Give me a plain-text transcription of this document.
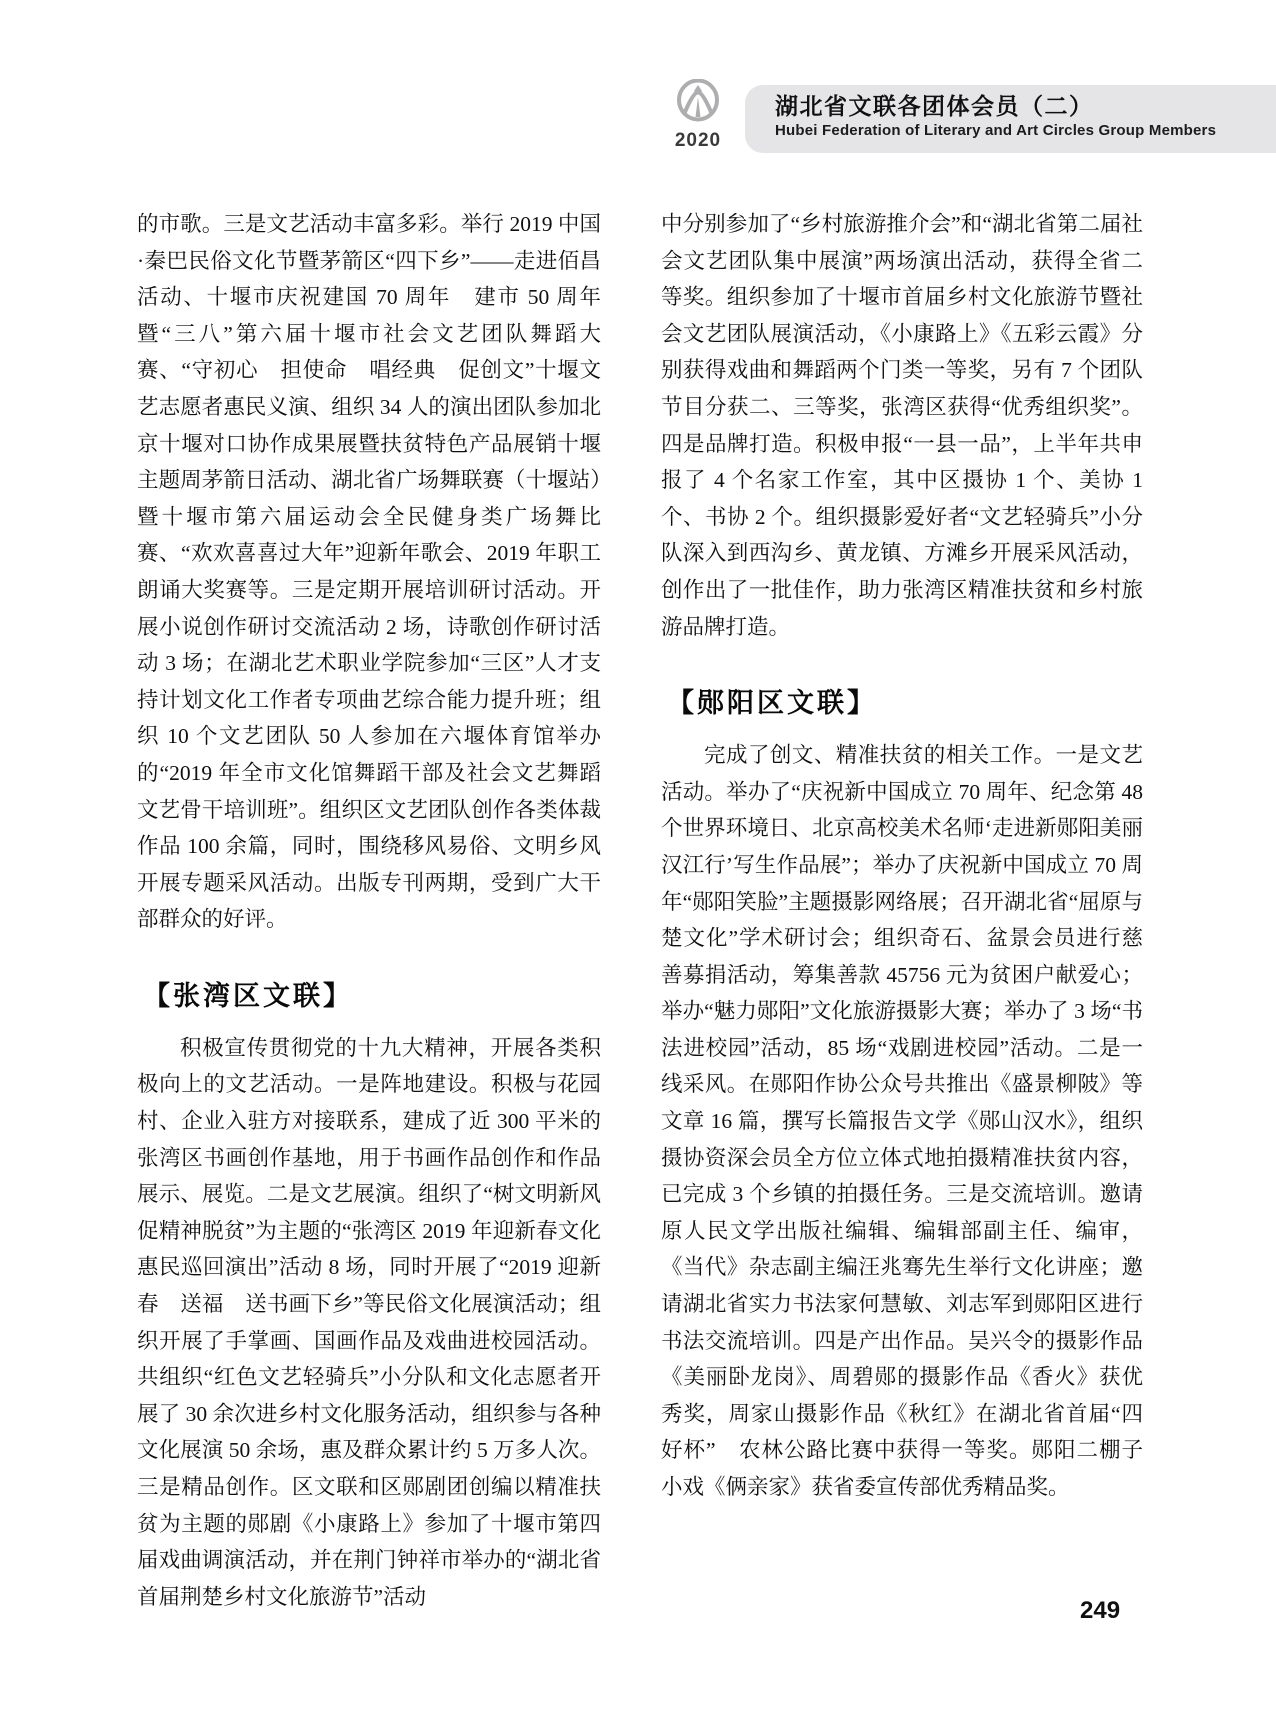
2020
湖北省文联各团体会员（二）
Hubei Federation of Literary and Art Circles Group Members

的市歌。三是文艺活动丰富多彩。举行 2019 中国·秦巴民俗文化节暨茅箭区“四下乡”——走进佰昌活动、十堰市庆祝建国 70 周年　建市 50 周年暨“三八”第六届十堰市社会文艺团队舞蹈大赛、“守初心　担使命　唱经典　促创文”十堰文艺志愿者惠民义演、组织 34 人的演出团队参加北京十堰对口协作成果展暨扶贫特色产品展销十堰主题周茅箭日活动、湖北省广场舞联赛（十堰站）暨十堰市第六届运动会全民健身类广场舞比赛、“欢欢喜喜过大年”迎新年歌会、2019 年职工朗诵大奖赛等。三是定期开展培训研讨活动。开展小说创作研讨交流活动 2 场，诗歌创作研讨活动 3 场；在湖北艺术职业学院参加“三区”人才支持计划文化工作者专项曲艺综合能力提升班；组织 10 个文艺团队 50 人参加在六堰体育馆举办的“2019 年全市文化馆舞蹈干部及社会文艺舞蹈文艺骨干培训班”。组织区文艺团队创作各类体裁作品 100 余篇，同时，围绕移风易俗、文明乡风开展专题采风活动。出版专刊两期，受到广大干部群众的好评。

【张湾区文联】

积极宣传贯彻党的十九大精神，开展各类积极向上的文艺活动。一是阵地建设。积极与花园村、企业入驻方对接联系，建成了近 300 平米的张湾区书画创作基地，用于书画作品创作和作品展示、展览。二是文艺展演。组织了“树文明新风　促精神脱贫”为主题的“张湾区 2019 年迎新春文化惠民巡回演出”活动 8 场，同时开展了“2019 迎新春　送福　送书画下乡”等民俗文化展演活动；组织开展了手掌画、国画作品及戏曲进校园活动。共组织“红色文艺轻骑兵”小分队和文化志愿者开展了 30 余次进乡村文化服务活动，组织参与各种文化展演 50 余场，惠及群众累计约 5 万多人次。三是精品创作。区文联和区郧剧团创编以精准扶贫为主题的郧剧《小康路上》参加了十堰市第四届戏曲调演活动，并在荆门钟祥市举办的“湖北省首届荆楚乡村文化旅游节”活动

中分别参加了“乡村旅游推介会”和“湖北省第二届社会文艺团队集中展演”两场演出活动，获得全省二等奖。组织参加了十堰市首届乡村文化旅游节暨社会文艺团队展演活动，《小康路上》《五彩云霞》分别获得戏曲和舞蹈两个门类一等奖，另有 7 个团队节目分获二、三等奖，张湾区获得“优秀组织奖”。四是品牌打造。积极申报“一县一品”，上半年共申报了 4 个名家工作室，其中区摄协 1 个、美协 1 个、书协 2 个。组织摄影爱好者“文艺轻骑兵”小分队深入到西沟乡、黄龙镇、方滩乡开展采风活动，创作出了一批佳作，助力张湾区精准扶贫和乡村旅游品牌打造。

【郧阳区文联】

完成了创文、精准扶贫的相关工作。一是文艺活动。举办了“庆祝新中国成立 70 周年、纪念第 48 个世界环境日、北京高校美术名师‘走进新郧阳美丽汉江行’写生作品展”；举办了庆祝新中国成立 70 周年“郧阳笑脸”主题摄影网络展；召开湖北省“屈原与楚文化”学术研讨会；组织奇石、盆景会员进行慈善募捐活动，筹集善款 45756 元为贫困户献爱心；举办“魅力郧阳”文化旅游摄影大赛；举办了 3 场“书法进校园”活动，85 场“戏剧进校园”活动。二是一线采风。在郧阳作协公众号共推出《盛景柳陂》等文章 16 篇，撰写长篇报告文学《郧山汉水》，组织摄协资深会员全方位立体式地拍摄精准扶贫内容，已完成 3 个乡镇的拍摄任务。三是交流培训。邀请原人民文学出版社编辑、编辑部副主任、编审，《当代》杂志副主编汪兆骞先生举行文化讲座；邀请湖北省实力书法家何慧敏、刘志军到郧阳区进行书法交流培训。四是产出作品。吴兴令的摄影作品《美丽卧龙岗》、周碧郧的摄影作品《香火》获优秀奖，周家山摄影作品《秋红》在湖北省首届“四好杯”　农林公路比赛中获得一等奖。郧阳二棚子小戏《俩亲家》获省委宣传部优秀精品奖。

249
